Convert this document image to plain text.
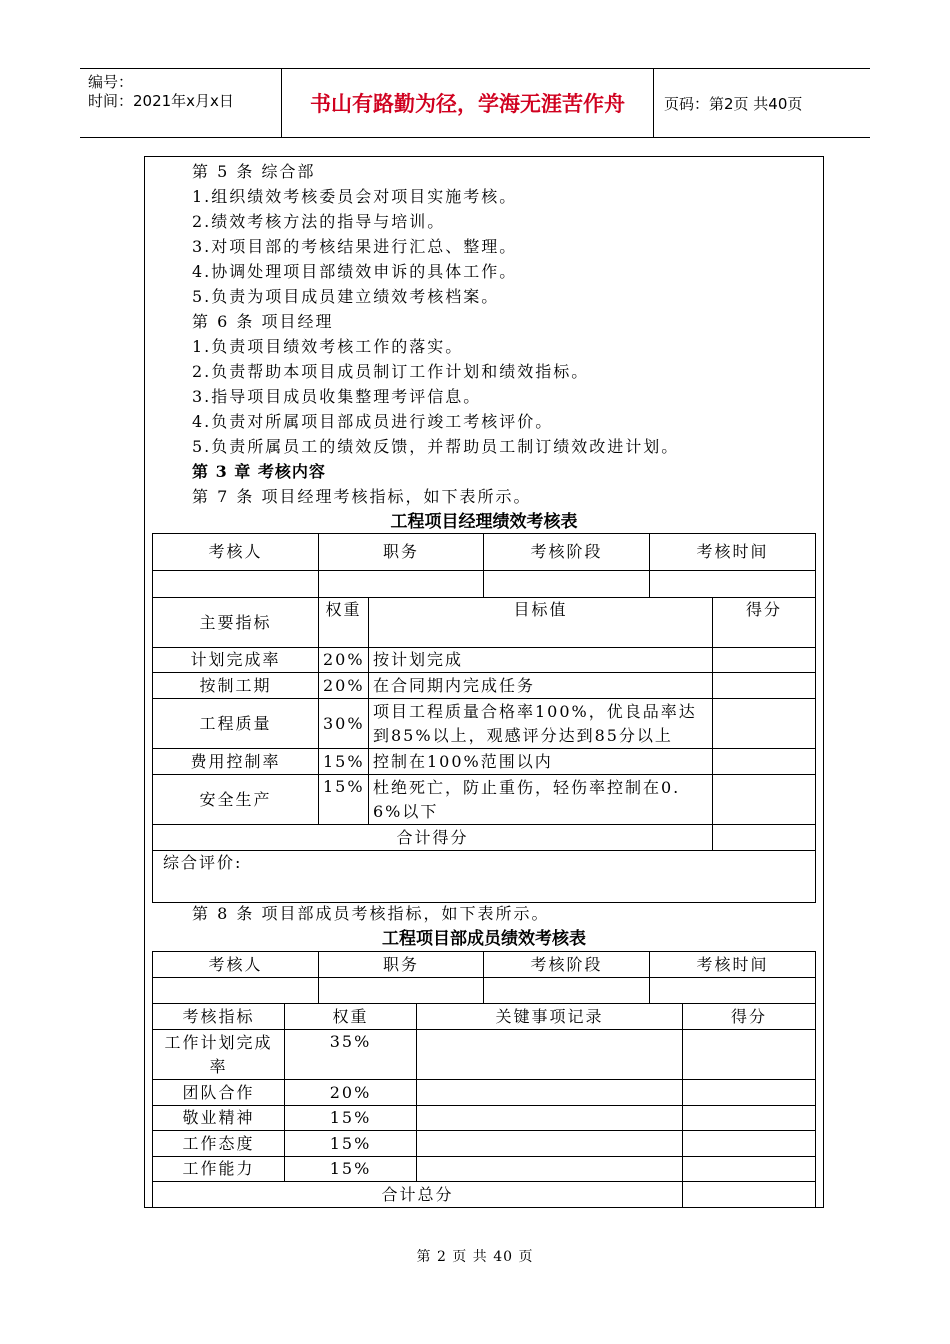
编号：
时间：2021年x月x日	书山有路勤为径，学海无涯苦作舟	页码：第2页 共40页
第 5 条 综合部
1.组织绩效考核委员会对项目实施考核。
2.绩效考核方法的指导与培训。
3.对项目部的考核结果进行汇总、整理。
4.协调处理项目部绩效申诉的具体工作。
5.负责为项目成员建立绩效考核档案。
第 6 条 项目经理
1.负责项目绩效考核工作的落实。
2.负责帮助本项目成员制订工作计划和绩效指标。
3.指导项目成员收集整理考评信息。
4.负责对所属项目部成员进行竣工考核评价。
5.负责所属员工的绩效反馈，并帮助员工制订绩效改进计划。
第 3 章 考核内容
第 7 条 项目经理考核指标，如下表所示。
工程项目经理绩效考核表
考核人	职务	考核阶段	考核时间

主要指标	权重	目标值	得分
计划完成率	20%	按计划完成	
按制工期	20%	在合同期内完成任务	
工程质量	30%	项目工程质量合格率100%，优良品率达到85%以上，观感评分达到85分以上	
费用控制率	15%	控制在100%范围以内	
安全生产	15%	杜绝死亡，防止重伤，轻伤率控制在0.6%以下	
合计得分			
综合评价:			
第 8 条 项目部成员考核指标，如下表所示。
工程项目部成员绩效考核表
考核人	职务	考核阶段	考核时间

考核指标	权重	关键事项记录	得分
工作计划完成率	35%		
团队合作	20%		
敬业精神	15%		
工作态度	15%		
工作能力	15%		
合计总分			
第 2 页 共 40 页
